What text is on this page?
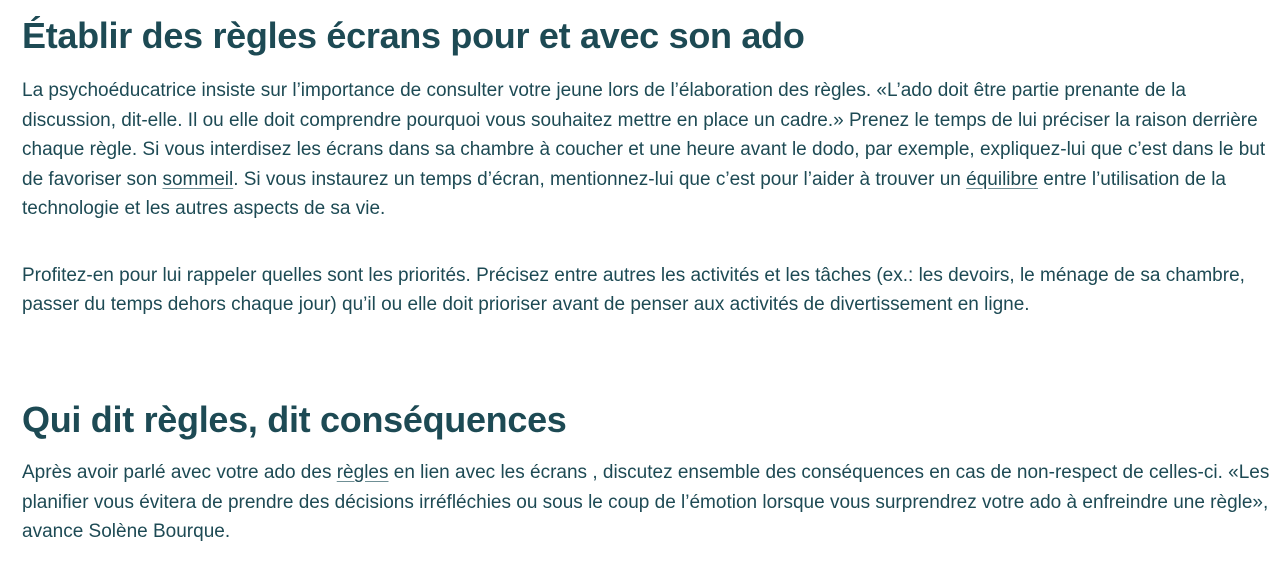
Établir des règles écrans pour et avec son ado

La psychoéducatrice insiste sur l’importance de consulter votre jeune lors de l’élaboration des règles. «L’ado doit être partie prenante de la discussion, dit-elle. Il ou elle doit comprendre pourquoi vous souhaitez mettre en place un cadre.» Prenez le temps de lui préciser la raison derrière chaque règle. Si vous interdisez les écrans dans sa chambre à coucher et une heure avant le dodo, par exemple, expliquez-lui que c’est dans le but de favoriser son sommeil. Si vous instaurez un temps d’écran, mentionnez-lui que c’est pour l’aider à trouver un équilibre entre l’utilisation de la technologie et les autres aspects de sa vie.

Profitez-en pour lui rappeler quelles sont les priorités. Précisez entre autres les activités et les tâches (ex.: les devoirs, le ménage de sa chambre, passer du temps dehors chaque jour) qu’il ou elle doit prioriser avant de penser aux activités de divertissement en ligne.

Qui dit règles, dit conséquences

Après avoir parlé avec votre ado des règles en lien avec les écrans , discutez ensemble des conséquences en cas de non-respect de celles-ci. «Les planifier vous évitera de prendre des décisions irréfléchies ou sous le coup de l’émotion lorsque vous surprendrez votre ado à enfreindre une règle», avance Solène Bourque.
